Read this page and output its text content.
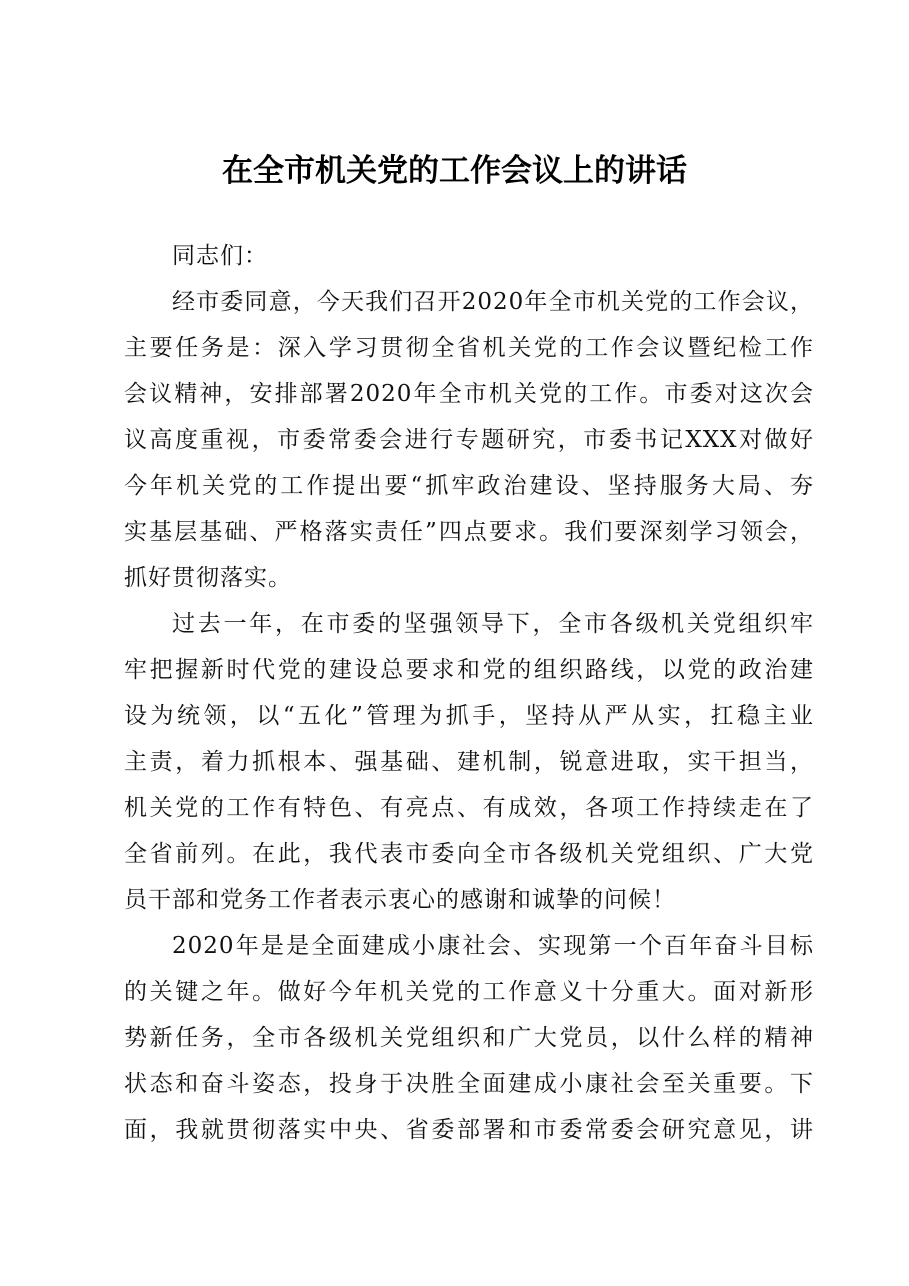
在全市机关党的工作会议上的讲话
同志们：
经市委同意，今天我们召开2020年全市机关党的工作会议，
主要任务是：深入学习贯彻全省机关党的工作会议暨纪检工作
会议精神，安排部署2020年全市机关党的工作。市委对这次会
议高度重视，市委常委会进行专题研究，市委书记XXX对做好
今年机关党的工作提出要“抓牢政治建设、坚持服务大局、夯
实基层基础、严格落实责任”四点要求。我们要深刻学习领会，
抓好贯彻落实。
过去一年，在市委的坚强领导下，全市各级机关党组织牢
牢把握新时代党的建设总要求和党的组织路线，以党的政治建
设为统领，以“五化”管理为抓手，坚持从严从实，扛稳主业
主责，着力抓根本、强基础、建机制，锐意进取，实干担当，
机关党的工作有特色、有亮点、有成效，各项工作持续走在了
全省前列。在此，我代表市委向全市各级机关党组织、广大党
员干部和党务工作者表示衷心的感谢和诚挚的问候！
2020年是是全面建成小康社会、实现第一个百年奋斗目标
的关键之年。做好今年机关党的工作意义十分重大。面对新形
势新任务，全市各级机关党组织和广大党员，以什么样的精神
状态和奋斗姿态，投身于决胜全面建成小康社会至关重要。下
面，我就贯彻落实中央、省委部署和市委常委会研究意见，讲
